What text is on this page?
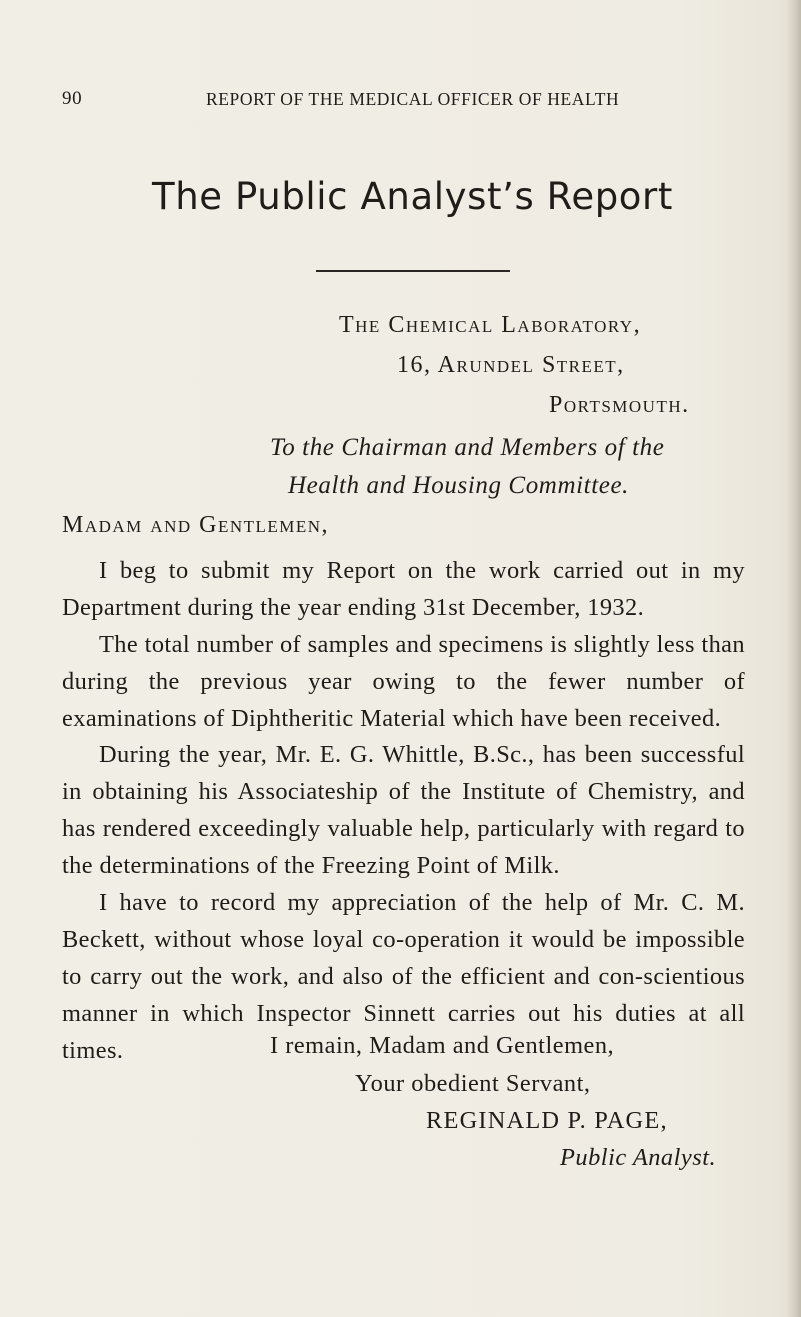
90	REPORT OF THE MEDICAL OFFICER OF HEALTH
The Public Analyst’s Report
The Chemical Laboratory,
16, Arundel Street,
Portsmouth.
To the Chairman and Members of the
Health and Housing Committee.
Madam and Gentlemen,
I beg to submit my Report on the work carried out in my Department during the year ending 31st December, 1932.
The total number of samples and specimens is slightly less than during the previous year owing to the fewer number of examinations of Diphtheritic Material which have been received.
During the year, Mr. E. G. Whittle, B.Sc., has been successful in obtaining his Associateship of the Institute of Chemistry, and has rendered exceedingly valuable help, particularly with regard to the determinations of the Freezing Point of Milk.
I have to record my appreciation of the help of Mr. C. M. Beckett, without whose loyal co-operation it would be impossible to carry out the work, and also of the efficient and con-scientious manner in which Inspector Sinnett carries out his duties at all times.	I remain, Madam and Gentlemen,
Your obedient Servant,
REGINALD P. PAGE,
Public Analyst.
